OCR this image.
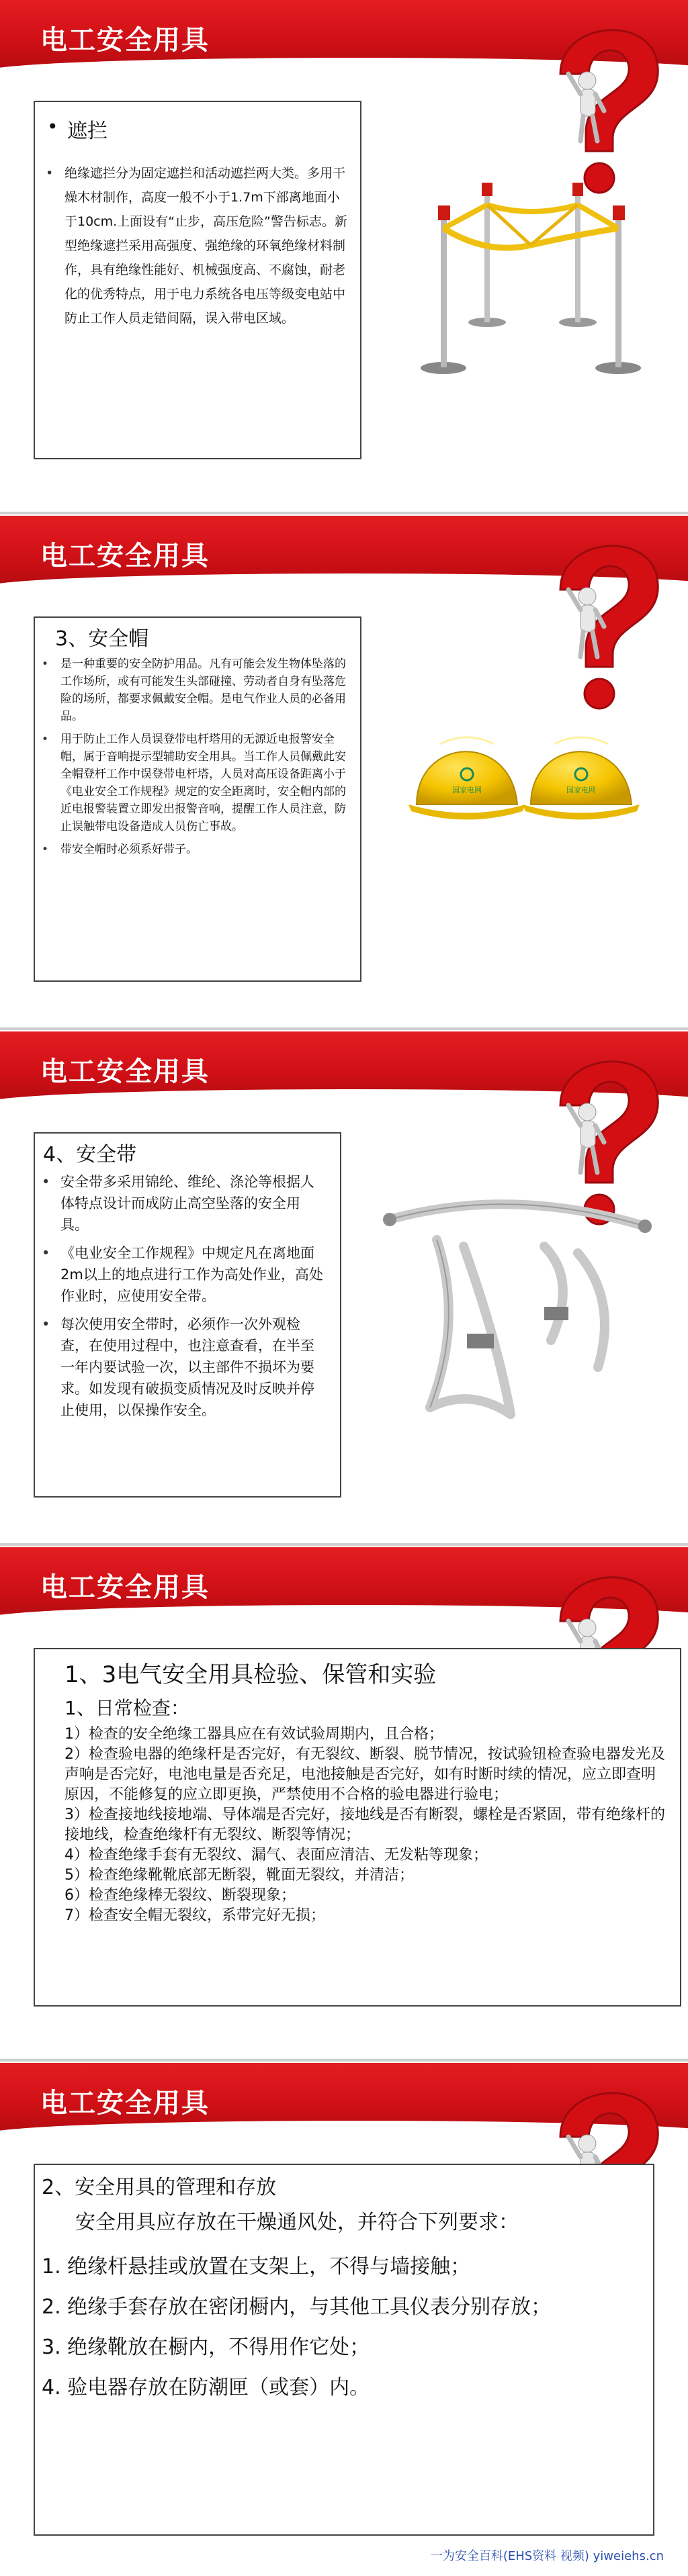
电工安全用具
• 遮拦
• 绝缘遮拦分为固定遮拦和活动遮拦两大类。多用干燥木材制作，高度一般不小于1.7m下部离地面小于10cm.上面设有“止步，高压危险”警告标志。新型绝缘遮拦采用高强度、强绝缘的环氧绝缘材料制作，具有绝缘性能好、机械强度高、不腐蚀，耐老化的优秀特点，用于电力系统各电压等级变电站中防止工作人员走错间隔，误入带电区域。
电工安全用具
3、安全帽
• 是一种重要的安全防护用品。凡有可能会发生物体坠落的工作场所，或有可能发生头部碰撞、劳动者自身有坠落危险的场所，都要求佩戴安全帽。是电气作业人员的必备用品。
• 用于防止工作人员误登带电杆塔用的无源近电报警安全帽，属于音响提示型辅助安全用具。当工作人员佩戴此安全帽登杆工作中误登带电杆塔，人员对高压设备距离小于《电业安全工作规程》规定的安全距离时，安全帽内部的近电报警装置立即发出报警音响，提醒工作人员注意，防止误触带电设备造成人员伤亡事故。
• 带安全帽时必须系好带子。
国家电网	国家电网
电工安全用具
4、安全带
• 安全带多采用锦纶、维纶、涤沦等根据人体特点设计而成防止高空坠落的安全用具。
• 《电业安全工作规程》中规定凡在离地面2m以上的地点进行工作为高处作业，高处作业时，应使用安全带。
• 每次使用安全带时，必须作一次外观检查，在使用过程中，也注意查看，在半至一年内要试验一次，以主部件不损坏为要求。如发现有破损变质情况及时反映并停止使用，以保操作安全。
电工安全用具
1、3电气安全用具检验、保管和实验
1、日常检查：
1）检查的安全绝缘工器具应在有效试验周期内，且合格；
2）检查验电器的绝缘杆是否完好，有无裂纹、断裂、脱节情况，按试验钮检查验电器发光及声响是否完好，电池电量是否充足，电池接触是否完好，如有时断时续的情况，应立即查明原因，不能修复的应立即更换，严禁使用不合格的验电器进行验电；
3）检查接地线接地端、导体端是否完好，接地线是否有断裂，螺栓是否紧固，带有绝缘杆的接地线，检查绝缘杆有无裂纹、断裂等情况；
4）检查绝缘手套有无裂纹、漏气、表面应清洁、无发粘等现象；
5）检查绝缘靴靴底部无断裂，靴面无裂纹，并清洁；
6）检查绝缘棒无裂纹、断裂现象；
7）检查安全帽无裂纹，系带完好无损；
电工安全用具
2、安全用具的管理和存放
安全用具应存放在干燥通风处，并符合下列要求：
1. 绝缘杆悬挂或放置在支架上，不得与墙接触；
2. 绝缘手套存放在密闭橱内，与其他工具仪表分别存放；
3. 绝缘靴放在橱内，不得用作它处；
4. 验电器存放在防潮匣（或套）内。
一为安全百科(EHS资料 视频) yiweiehs.cn
